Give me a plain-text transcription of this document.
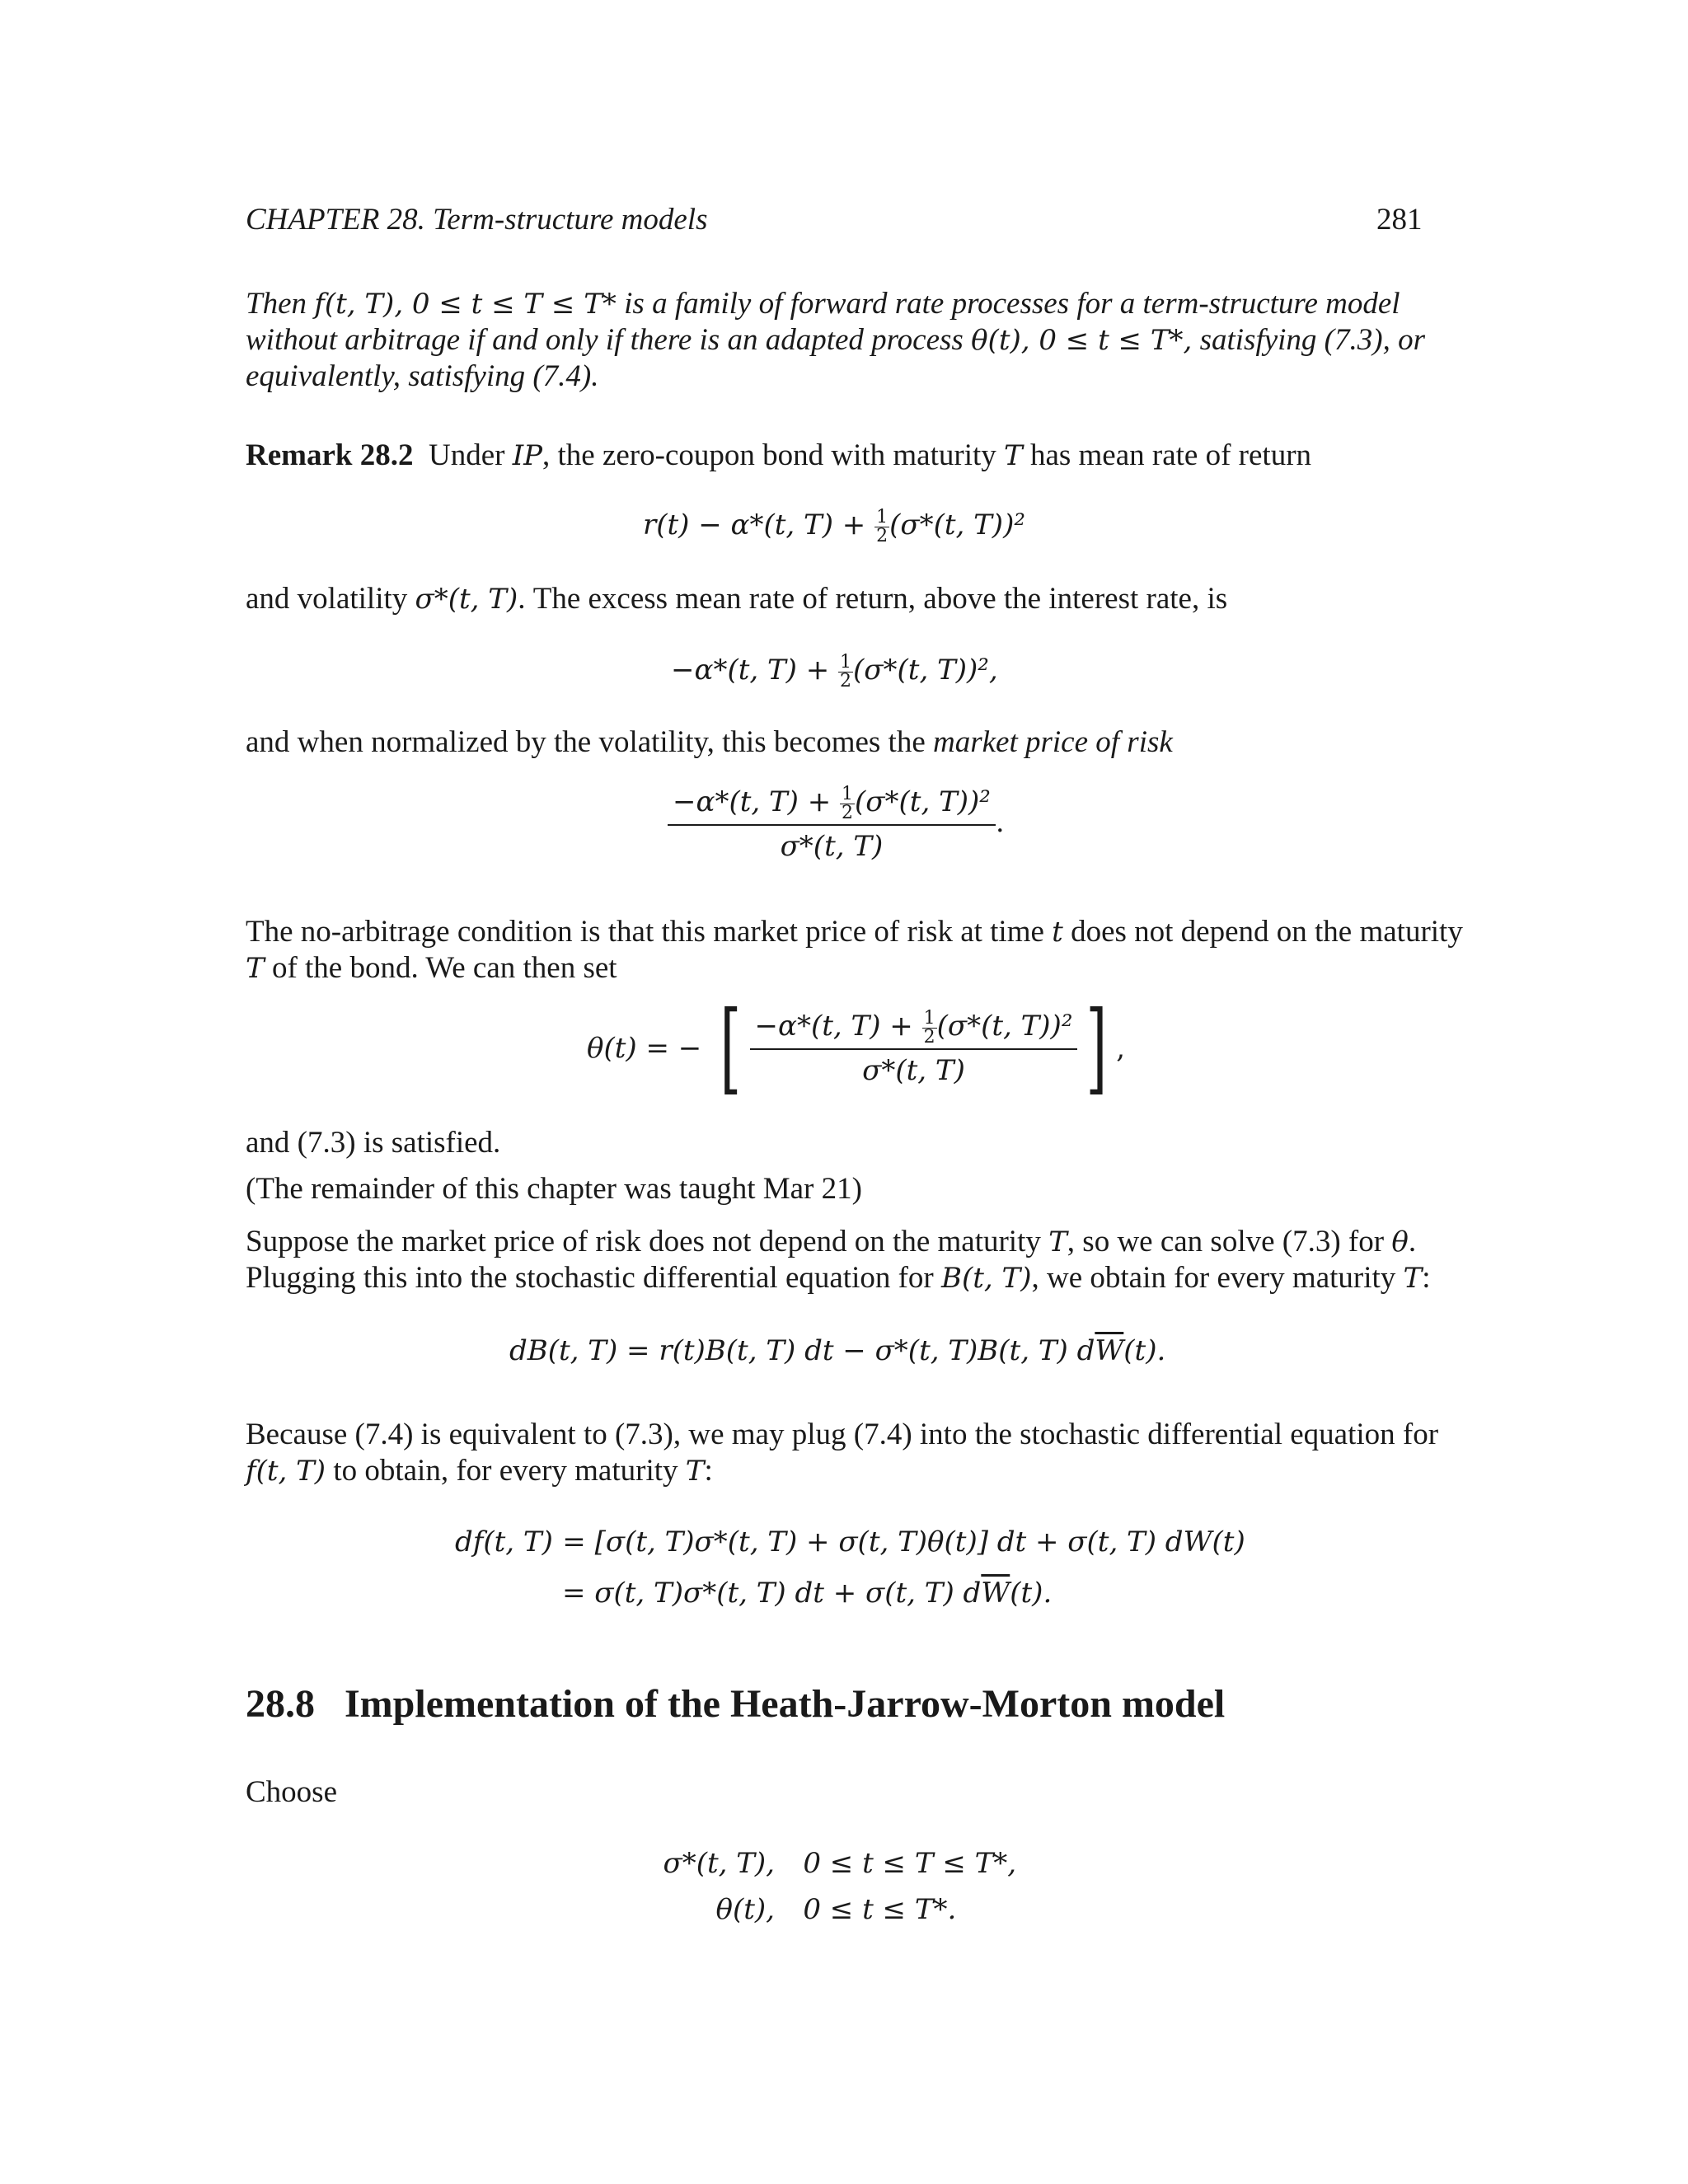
CHAPTER 28. Term-structure models	281
Then f(t, T), 0 ≤ t ≤ T ≤ T* is a family of forward rate processes for a term-structure model
without arbitrage if and only if there is an adapted process θ(t), 0 ≤ t ≤ T*, satisfying (7.3), or
equivalently, satisfying (7.4).
Remark 28.2 Under IP, the zero-coupon bond with maturity T has mean rate of return
r(t) − α*(t, $T) + \frac{1}{2} (\sigma*(t$, T))²
and volatility σ*(t, T). The excess mean rate of return, above the interest rate, is
−α*(t, $T) + \frac{1}{2} (\sigma*(t$, T))²,
and when normalized by the volatility, this becomes the market price of risk
$\frac{-\alpha*(t, T) + \frac{1}{2} (\sigma*(t, T))^2}{\sigma*(t, T)}$ .
The no-arbitrage condition is that this market price of risk at time t does not depend on the maturity
T of the bond. We can then set
θ(t) = − [ $\frac{-\alpha*(t, T) + \frac{1}{2} (\sigma*(t, T))^2}{\sigma*(t, T)}$ ] ,
and (7.3) is satisfied.
(The remainder of this chapter was taught Mar 21)
Suppose the market price of risk does not depend on the maturity T, so we can solve (7.3) for θ.
Plugging this into the stochastic differential equation for B(t, T), we obtain for every maturity T:
dB(t, T) = r(t)B(t, T) dt − σ*(t, T)B(t, T) $d\overline{W}(t)$.
Because (7.4) is equivalent to (7.3), we may plug (7.4) into the stochastic differential equation for
f(t, T) to obtain, for every maturity T:
df(t, T) = [σ(t, T)σ*(t, T) + σ(t, T)θ(t)] dt + σ(t, T) dW(t)
= σ(t, T)σ*(t, T) dt + σ(t, T) $d\overline{W}(t)$.
28.8 Implementation of the Heath-Jarrow-Morton model
Choose
σ*(t, T), 0 ≤ t ≤ T ≤ T*,
θ(t), 0 ≤ t ≤ T*.
